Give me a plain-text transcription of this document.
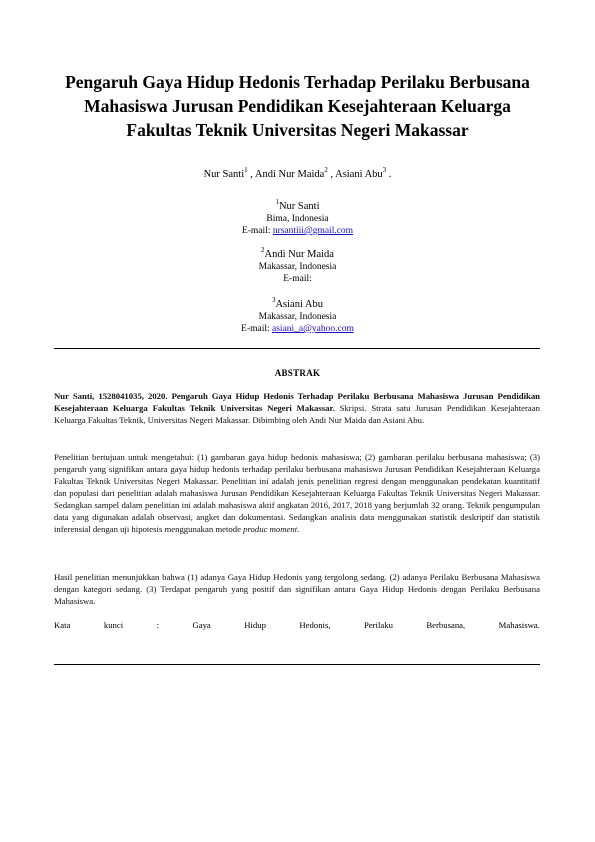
Pengaruh Gaya Hidup Hedonis Terhadap Perilaku Berbusana
Mahasiswa Jurusan Pendidikan Kesejahteraan Keluarga
Fakultas Teknik Universitas Negeri Makassar
Nur Santi$^1$ , Andi Nur Maida$^2$ , Asiani Abu$^3$ .
$^1$Nur Santi
Bima, Indonesia
E-mail: nrsantiii@gmail.com
$^2$Andi Nur Maida
Makassar, Indonesia
E-mail:
$^3$Asiani Abu
Makassar, Indonesia
E-mail: asiani_a@yahoo.com
ABSTRAK
Nur Santi, 1528041035, 2020. Pengaruh Gaya Hidup Hedonis Terhadap Perilaku Berbusana Mahasiswa Jurusan Pendidikan Kesejahteraan Keluarga Fakultas Teknik Universitas Negeri Makassar. Skripsi. Strata satu Jurusan Pendidikan Kesejahteraan Keluarga Fakultas Teknik, Universitas Negeri Makassar. Dibimbing oleh Andi Nur Maida dan Asiani Abu.
Penelitian bertujuan untuk mengetahui: (1) gambaran gaya hidup hedonis mahasiswa; (2) gambaran perilaku berbusana mahasiswa; (3) pengaruh yang signifikan antara gaya hidup hedonis terhadap perilaku berbusana mahasiswa Jurusan Pendidikan Kesejahteraan Keluarga Fakultas Teknik Universitas Negeri Makassar. Penelitian ini adalah jenis penelitian regresi dengan menggunakan pendekatan kuantitatif dan populasi dari penelitian adalah mahasiswa Jurusan Pendidikan Kesejahteraan Keluarga Fakultas Teknik Universitas Negeri Makassar. Sedangkan sampel dalam penelitian ini adalah mahasiswa aktif angkatan 2016, 2017, 2018 yang berjumlah 32 orang. Teknik pengumpulan data yang digunakan adalah observasi, angket dan dokumentasi. Sedangkan analisis data menggunakan statistik deskriptif dan statistik inferensial dengan uji hipotesis menggunakan metode produc moment.
Hasil penelitian menunjukkan bahwa (1) adanya Gaya Hidup Hedonis yang tergolong sedang. (2) adanya Perilaku Berbusana Mahasiswa dengan kategori sedang. (3) Terdapat pengaruh yang positif dan signifikan antara Gaya Hidup Hedonis dengan Perilaku Berbusana Mahasiswa.
Kata	kunci	:	Gaya	Hidup	Hedonis,	Perilaku	Berbusana,	Mahasiswa.
